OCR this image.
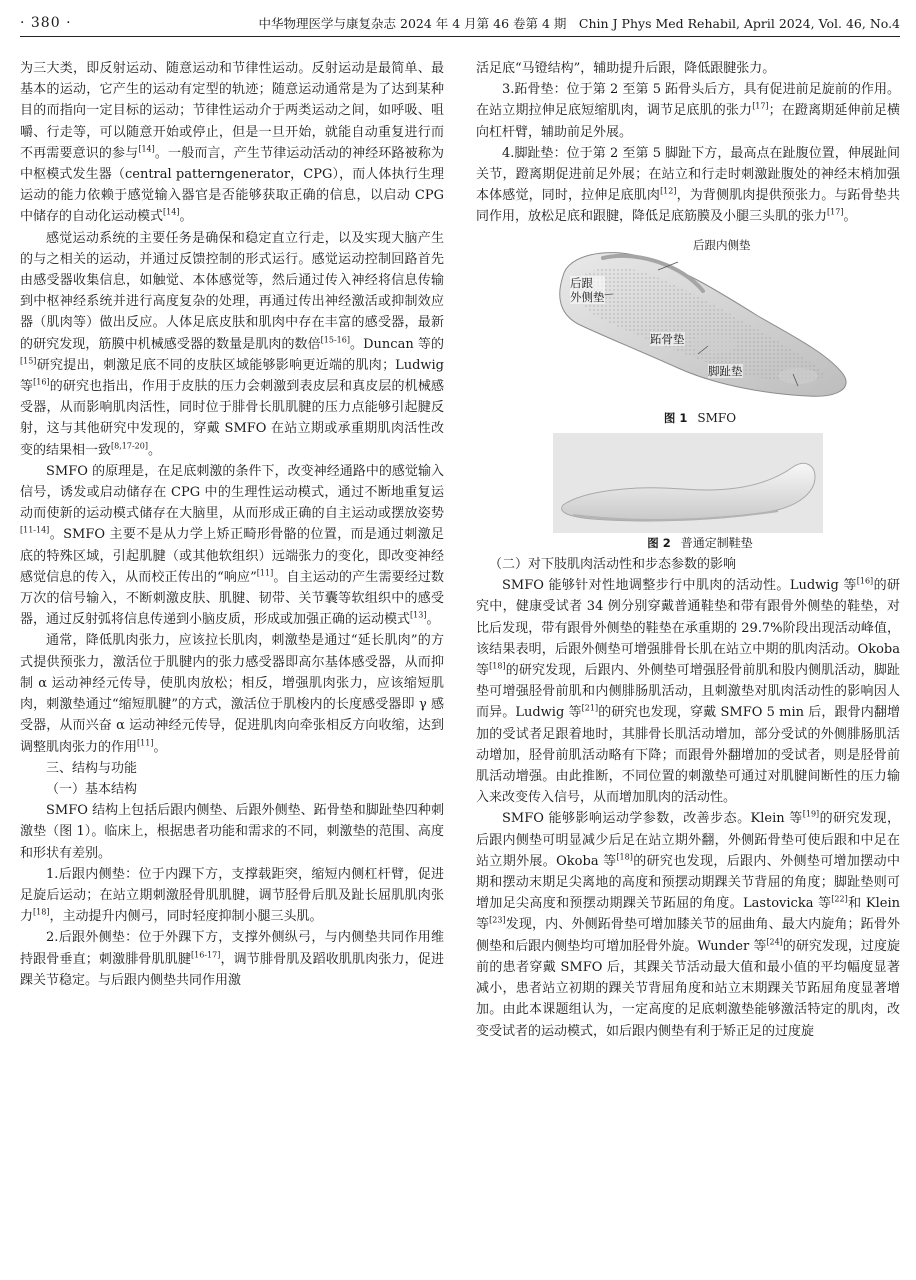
· 380 ·	中华物理医学与康复杂志 2024 年 4 月第 46 卷第 4 期　Chin J Phys Med Rehabil, April 2024, Vol. 46, No.4

为三大类，即反射运动、随意运动和节律性运动。反射运动是最简单、最基本的运动，它产生的运动有定型的轨迹；随意运动通常是为了达到某种目的而指向一定目标的运动；节律性运动介于两类运动之间，如呼吸、咀嚼、行走等，可以随意开始或停止，但是一旦开始，就能自动重复进行而不再需要意识的参与[14]。一般而言，产生节律运动活动的神经环路被称为中枢模式发生器（central patterngenerator，CPG），而人体执行生理运动的能力依赖于感觉输入器官是否能够获取正确的信息，以启动 CPG 中储存的自动化运动模式[14]。

感觉运动系统的主要任务是确保和稳定直立行走，以及实现大脑产生的与之相关的运动，并通过反馈控制的形式运行。感觉运动控制回路首先由感受器收集信息，如触觉、本体感觉等，然后通过传入神经将信息传输到中枢神经系统并进行高度复杂的处理，再通过传出神经激活或抑制效应器（肌肉等）做出反应。人体足底皮肤和肌肉中存在丰富的感受器，最新的研究发现，筋膜中机械感受器的数量是肌肉的数倍[15-16]。Duncan 等的[15]研究提出，刺激足底不同的皮肤区域能够影响更近端的肌肉；Ludwig 等[16]的研究也指出，作用于皮肤的压力会刺激到表皮层和真皮层的机械感受器，从而影响肌肉活性，同时位于腓骨长肌肌腱的压力点能够引起腱反射，这与其他研究中发现的，穿戴 SMFO 在站立期或承重期肌肉活性改变的结果相一致[8,17-20]。

SMFO 的原理是，在足底刺激的条件下，改变神经通路中的感觉输入信号，诱发或启动储存在 CPG 中的生理性运动模式，通过不断地重复运动而使新的运动模式储存在大脑里，从而形成正确的自主运动或摆放姿势[11-14]。SMFO 主要不是从力学上矫正畸形骨骼的位置，而是通过刺激足底的特殊区域，引起肌腱（或其他软组织）远端张力的变化，即改变神经感觉信息的传入，从而校正传出的“响应”[11]。自主运动的产生需要经过数万次的信号输入，不断刺激皮肤、肌腱、韧带、关节囊等软组织中的感受器，通过反射弧将信息传递到小脑皮质，形成或加强正确的运动模式[13]。

通常，降低肌肉张力，应该拉长肌肉，刺激垫是通过“延长肌肉”的方式提供预张力，激活位于肌腱内的张力感受器即高尔基体感受器，从而抑制 α 运动神经元传导，使肌肉放松；相反，增强肌肉张力，应该缩短肌肉，刺激垫通过“缩短肌腱”的方式，激活位于肌梭内的长度感受器即 γ 感受器，从而兴奋 α 运动神经元传导，促进肌肉向牵张相反方向收缩，达到调整肌肉张力的作用[11]。

三、结构与功能

（一）基本结构

SMFO 结构上包括后跟内侧垫、后跟外侧垫、跖骨垫和脚趾垫四种刺激垫（图 1）。临床上，根据患者功能和需求的不同，刺激垫的范围、高度和形状有差别。

1.后跟内侧垫：位于内踝下方，支撑载距突，缩短内侧杠杆臂，促进足旋后运动；在站立期刺激胫骨肌肌腱，调节胫骨后肌及趾长屈肌肌肉张力[18]，主动提升内侧弓，同时轻度抑制小腿三头肌。

2.后跟外侧垫：位于外踝下方，支撑外侧纵弓，与内侧垫共同作用维持跟骨垂直；刺激腓骨肌肌腱[16-17]，调节腓骨肌及蹈收肌肌肉张力，促进踝关节稳定。与后跟内侧垫共同作用激

活足底“马镫结构”，辅助提升后跟，降低跟腱张力。

3.跖骨垫：位于第 2 至第 5 跖骨头后方，具有促进前足旋前的作用。在站立期拉伸足底短缩肌肉，调节足底肌的张力[17]；在蹬离期延伸前足横向杠杆臂，辅助前足外展。

4.脚趾垫：位于第 2 至第 5 脚趾下方，最高点在趾腹位置，伸展趾间关节，蹬离期促进前足外展；在站立和行走时刺激趾腹处的神经末梢加强本体感觉，同时，拉伸足底肌肉[12]，为背侧肌肉提供预张力。与跖骨垫共同作用，放松足底和跟腱，降低足底筋膜及小腿三头肌的张力[17]。

后跟内侧垫
后跟
外侧垫
跖骨垫
脚趾垫

图 1 SMFO

图 2 普通定制鞋垫

（二）对下肢肌肉活动性和步态参数的影响

SMFO 能够针对性地调整步行中肌肉的活动性。Ludwig 等[16]的研究中，健康受试者 34 例分别穿戴普通鞋垫和带有跟骨外侧垫的鞋垫，对比后发现，带有跟骨外侧垫的鞋垫在承重期的 29.7%阶段出现活动峰值，该结果表明，后跟外侧垫可增强腓骨长肌在站立中期的肌肉活动。Okoba 等[18]的研究发现，后跟内、外侧垫可增强胫骨前肌和股内侧肌活动，脚趾垫可增强胫骨前肌和内侧腓肠肌活动，且刺激垫对肌肉活动性的影响因人而异。Ludwig 等[21]的研究也发现，穿戴 SMFO 5 min 后，跟骨内翻增加的受试者足跟着地时，其腓骨长肌活动增加，部分受试的外侧腓肠肌活动增加，胫骨前肌活动略有下降；而跟骨外翻增加的受试者，则是胫骨前肌活动增强。由此推断，不同位置的刺激垫可通过对肌腱间断性的压力输入来改变传入信号，从而增加肌肉的活动性。

SMFO 能够影响运动学参数，改善步态。Klein 等[19]的研究发现，后跟内侧垫可明显减少后足在站立期外翻，外侧跖骨垫可使后跟和中足在站立期外展。Okoba 等[18]的研究也发现，后跟内、外侧垫可增加摆动中期和摆动末期足尖离地的高度和预摆动期踝关节背屈的角度；脚趾垫则可增加足尖高度和预摆动期踝关节跖屈的角度。Lastovicka 等[22]和 Klein 等[23]发现，内、外侧跖骨垫可增加膝关节的屈曲角、最大内旋角；跖骨外侧垫和后跟内侧垫均可增加胫骨外旋。Wunder 等[24]的研究发现，过度旋前的患者穿戴 SMFO 后，其踝关节活动最大值和最小值的平均幅度显著减小，患者站立初期的踝关节背屈角度和站立末期踝关节跖屈角度显著增加。由此本课题组认为，一定高度的足底刺激垫能够激活特定的肌肉，改变受试者的运动模式，如后跟内侧垫有利于矫正足的过度旋
